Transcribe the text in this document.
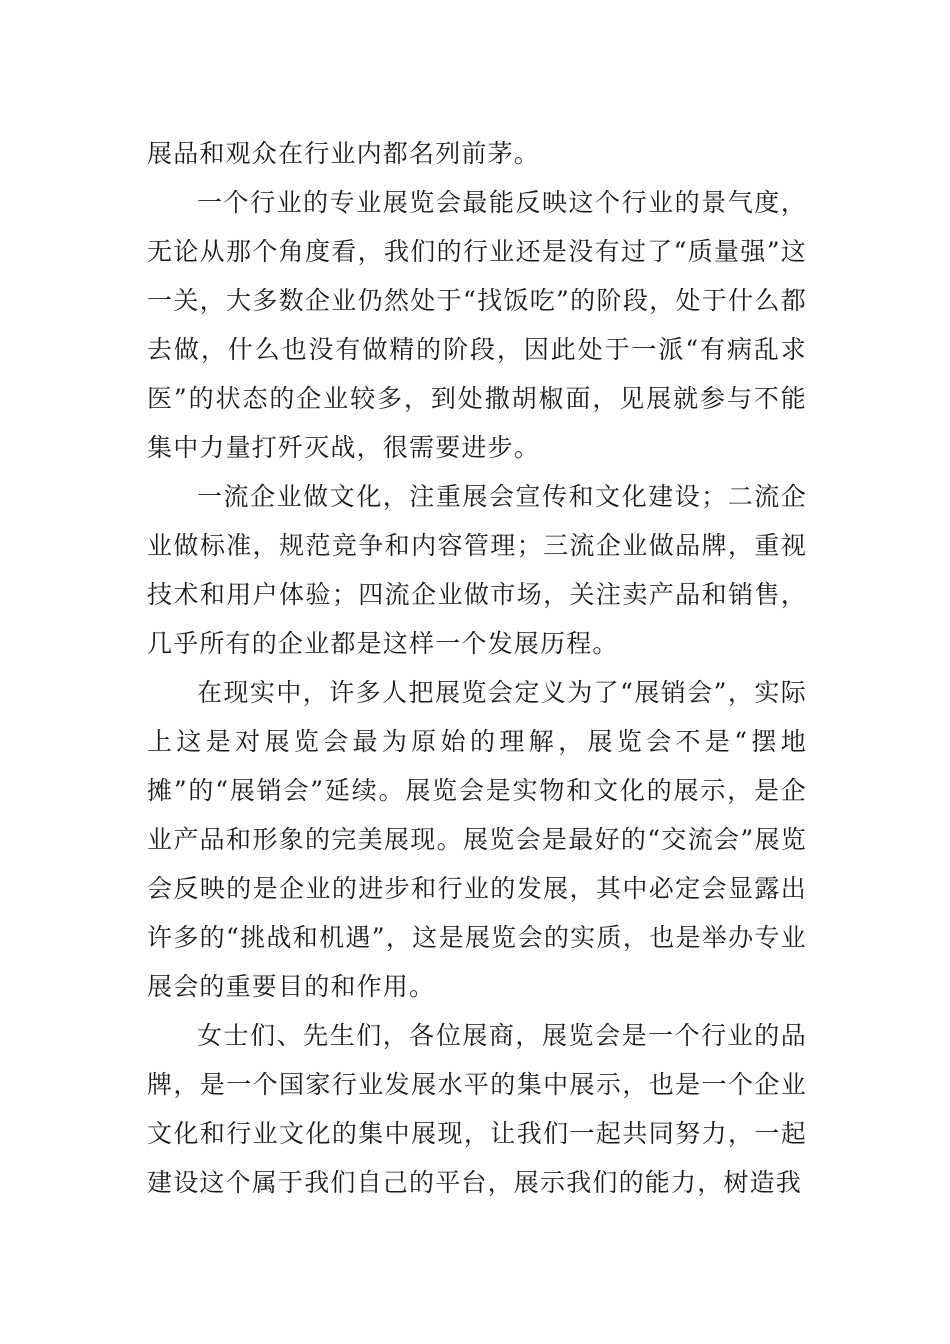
展品和观众在行业内都名列前茅。

一个行业的专业展览会最能反映这个行业的景气度，无论从那个角度看，我们的行业还是没有过了“质量强”这一关，大多数企业仍然处于“找饭吃”的阶段，处于什么都去做，什么也没有做精的阶段，因此处于一派“有病乱求医”的状态的企业较多，到处撒胡椒面，见展就参与不能集中力量打歼灭战，很需要进步。

一流企业做文化，注重展会宣传和文化建设；二流企业做标准，规范竞争和内容管理；三流企业做品牌，重视技术和用户体验；四流企业做市场，关注卖产品和销售，几乎所有的企业都是这样一个发展历程。

在现实中，许多人把展览会定义为了“展销会”，实际上这是对展览会最为原始的理解，展览会不是“摆地摊”的“展销会”延续。展览会是实物和文化的展示，是企业产品和形象的完美展现。展览会是最好的“交流会”展览会反映的是企业的进步和行业的发展，其中必定会显露出许多的“挑战和机遇”，这是展览会的实质，也是举办专业展会的重要目的和作用。

女士们、先生们，各位展商，展览会是一个行业的品牌，是一个国家行业发展水平的集中展示，也是一个企业文化和行业文化的集中展现，让我们一起共同努力，一起建设这个属于我们自己的平台，展示我们的能力，树造我
